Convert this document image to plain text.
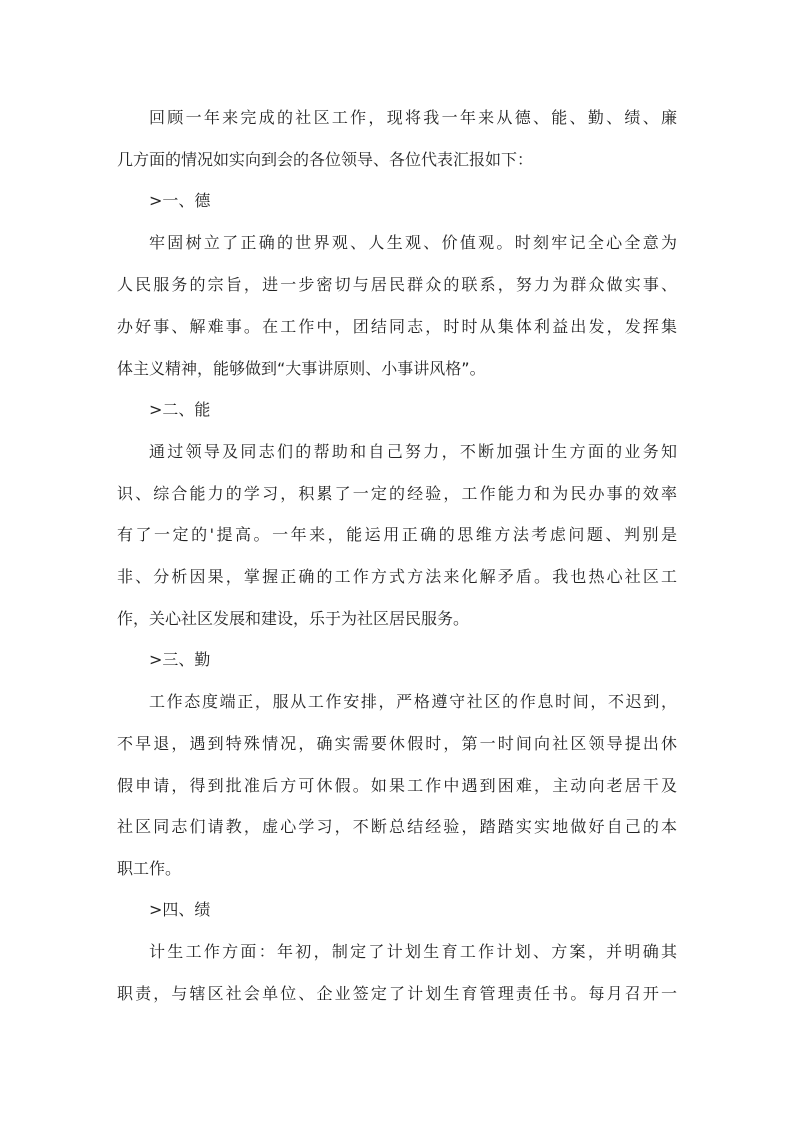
回顾一年来完成的社区工作，现将我一年来从德、能、勤、绩、廉
几方面的情况如实向到会的各位领导、各位代表汇报如下：
>一、德
牢固树立了正确的世界观、人生观、价值观。时刻牢记全心全意为
人民服务的宗旨，进一步密切与居民群众的联系，努力为群众做实事、
办好事、解难事。在工作中，团结同志，时时从集体利益出发，发挥集
体主义精神，能够做到“大事讲原则、小事讲风格”。
>二、能
通过领导及同志们的帮助和自己努力，不断加强计生方面的业务知
识、综合能力的学习，积累了一定的经验，工作能力和为民办事的效率
有了一定的'提高。一年来，能运用正确的思维方法考虑问题、判别是
非、分析因果，掌握正确的工作方式方法来化解矛盾。我也热心社区工
作，关心社区发展和建设，乐于为社区居民服务。
>三、勤
工作态度端正，服从工作安排，严格遵守社区的作息时间，不迟到，
不早退，遇到特殊情况，确实需要休假时，第一时间向社区领导提出休
假申请，得到批准后方可休假。如果工作中遇到困难，主动向老居干及
社区同志们请教，虚心学习，不断总结经验，踏踏实实地做好自己的本
职工作。
>四、绩
计生工作方面：年初，制定了计划生育工作计划、方案，并明确其
职责，与辖区社会单位、企业签定了计划生育管理责任书。每月召开一
